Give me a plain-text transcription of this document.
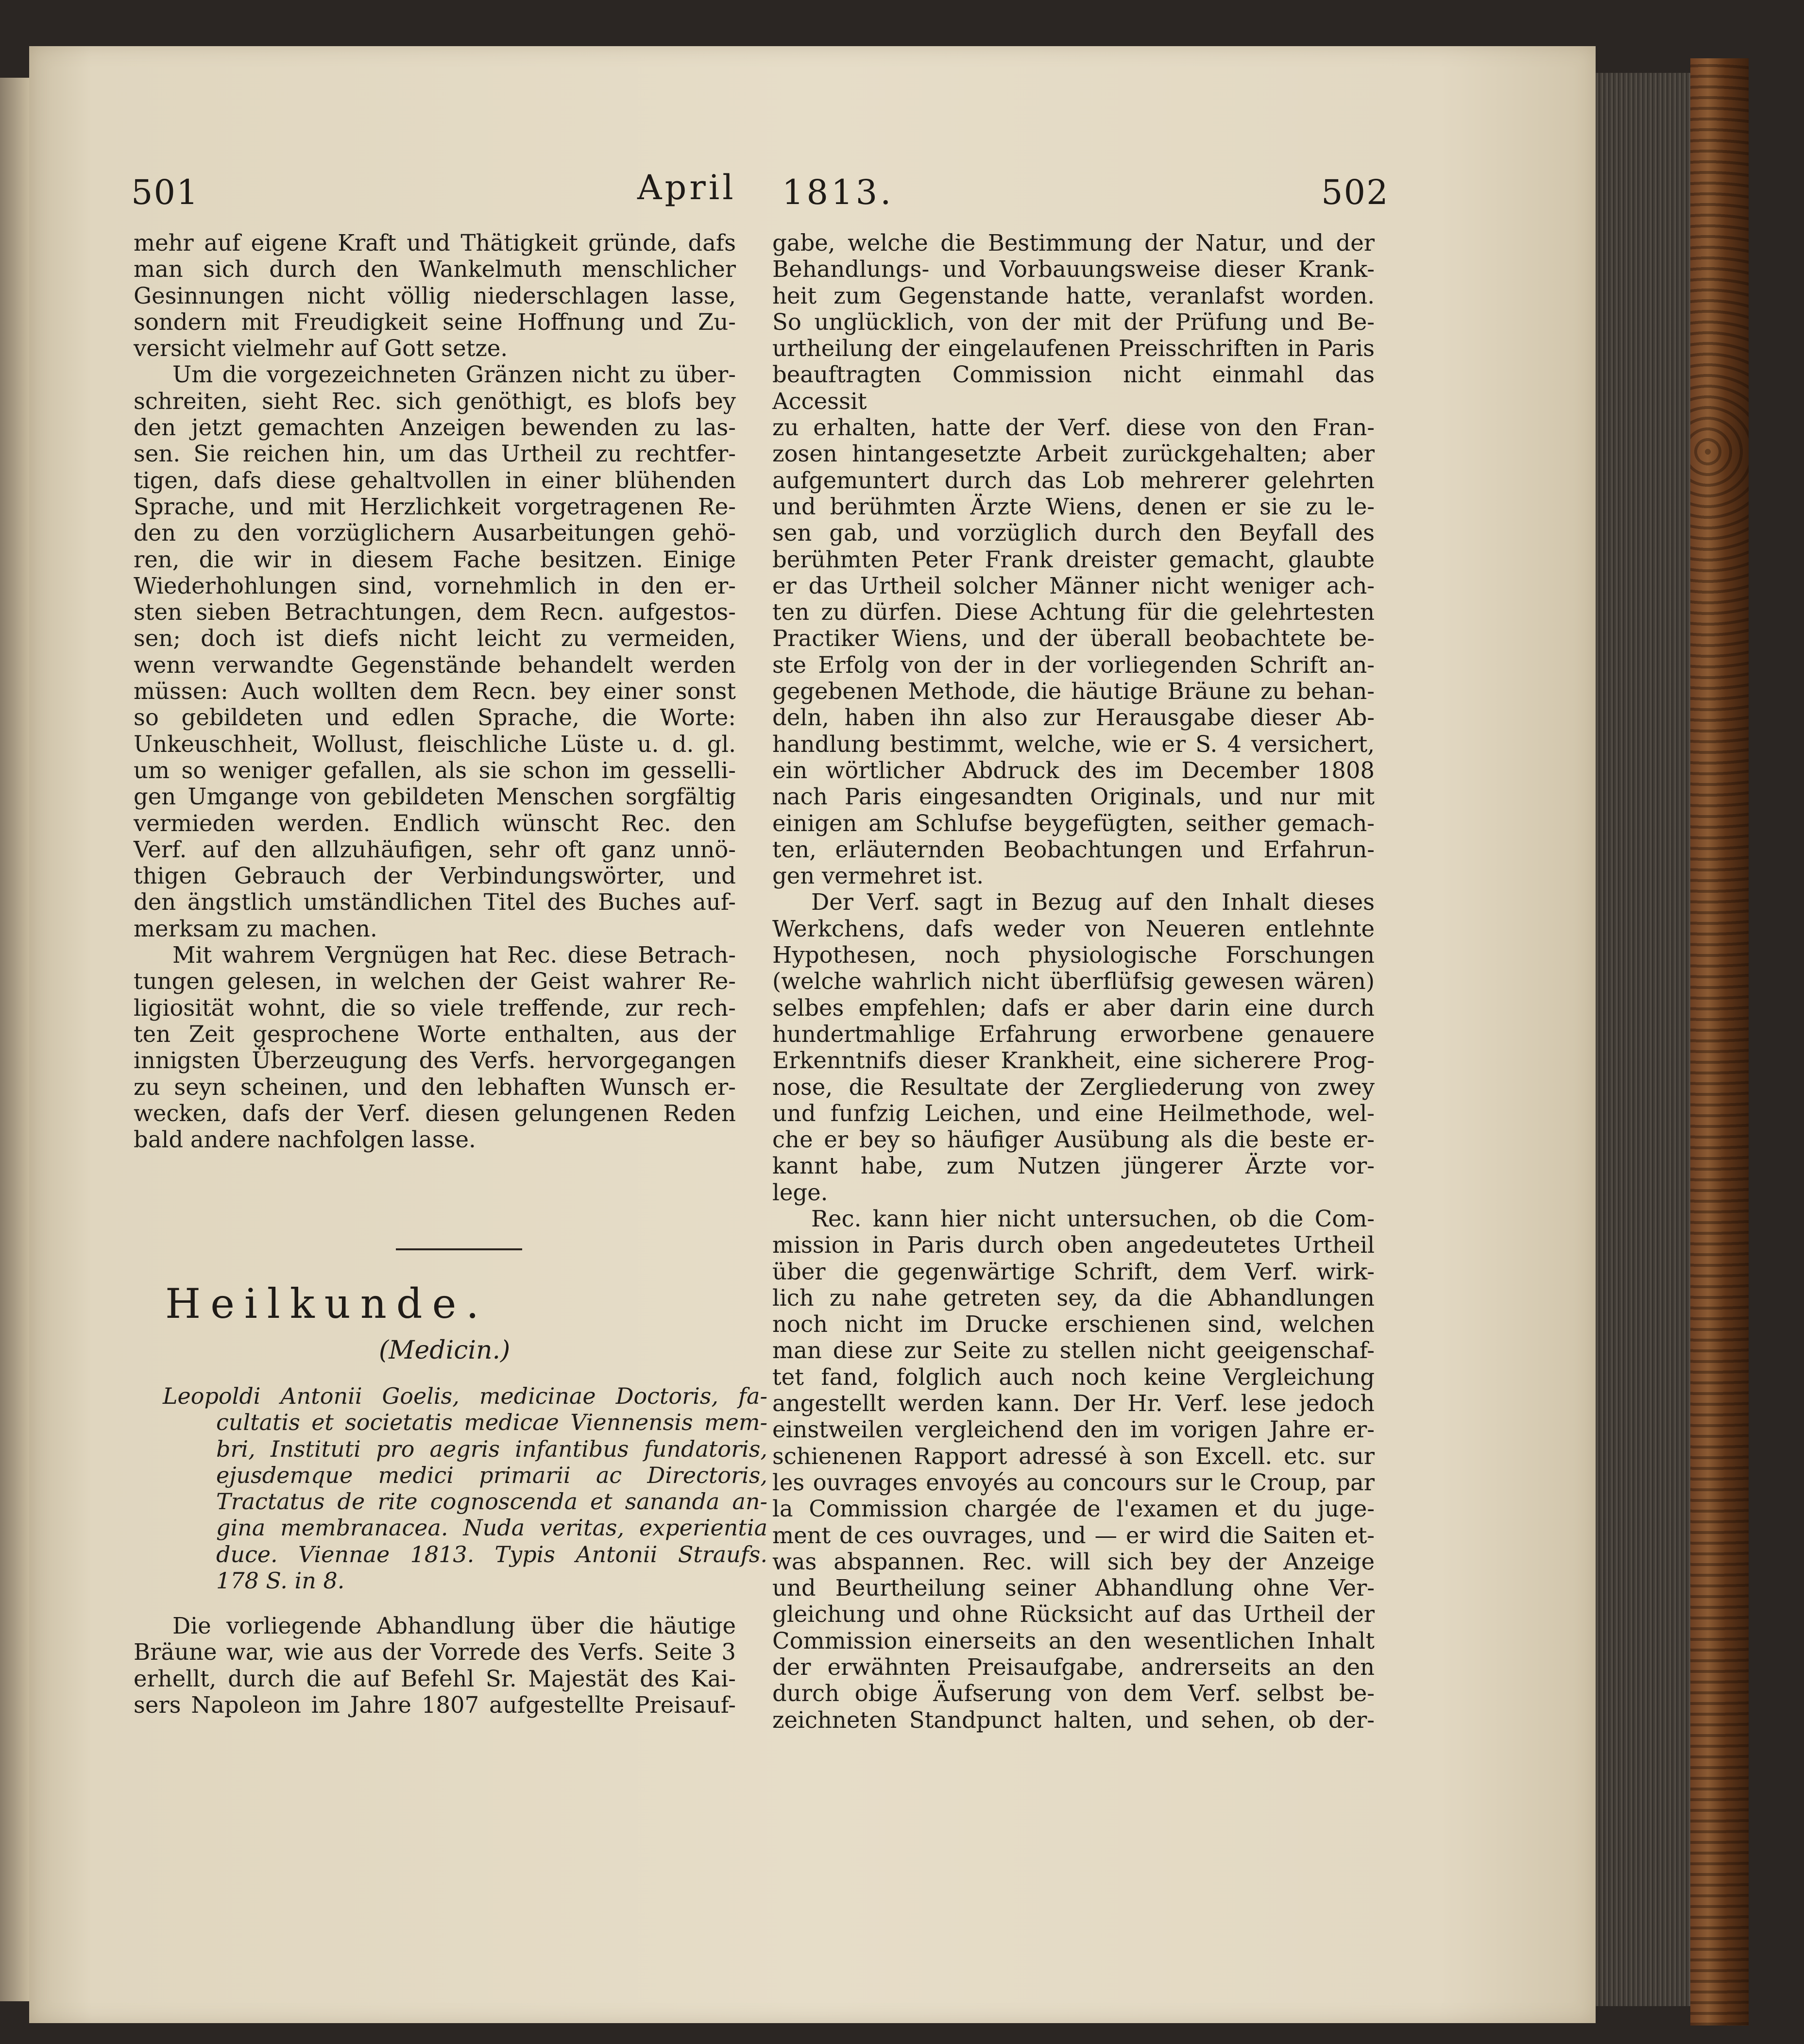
501	April 1813.	502

mehr auf eigene Kraft und Thätigkeit gründe, dafs

man sich durch den Wankelmuth menschlicher

Gesinnungen nicht völlig niederschlagen lasse,

sondern mit Freudigkeit seine Hoffnung und Zu-

versicht vielmehr auf Gott setze.

Um die vorgezeichneten Gränzen nicht zu über-

schreiten, sieht Rec. sich genöthigt, es blofs bey

den jetzt gemachten Anzeigen bewenden zu las-

sen. Sie reichen hin, um das Urtheil zu rechtfer-

tigen, dafs diese gehaltvollen in einer blühenden

Sprache, und mit Herzlichkeit vorgetragenen Re-

den zu den vorzüglichern Ausarbeitungen gehö-

ren, die wir in diesem Fache besitzen. Einige

Wiederhohlungen sind, vornehmlich in den er-

sten sieben Betrachtungen, dem Recn. aufgestos-

sen; doch ist diefs nicht leicht zu vermeiden,

wenn verwandte Gegenstände behandelt werden

müssen: Auch wollten dem Recn. bey einer sonst

so gebildeten und edlen Sprache, die Worte:

Unkeuschheit, Wollust, fleischliche Lüste u. d. gl.

um so weniger gefallen, als sie schon im gesselli-

gen Umgange von gebildeten Menschen sorgfältig

vermieden werden. Endlich wünscht Rec. den

Verf. auf den allzuhäufigen, sehr oft ganz unnö-

thigen Gebrauch der Verbindungswörter, und

den ängstlich umständlichen Titel des Buches auf-

merksam zu machen.

Mit wahrem Vergnügen hat Rec. diese Betrach-

tungen gelesen, in welchen der Geist wahrer Re-

ligiosität wohnt, die so viele treffende, zur rech-

ten Zeit gesprochene Worte enthalten, aus der

innigsten Überzeugung des Verfs. hervorgegangen

zu seyn scheinen, und den lebhaften Wunsch er-

wecken, dafs der Verf. diesen gelungenen Reden

bald andere nachfolgen lasse.

Heilkunde.
(Medicin.)

Leopoldi Antonii Goelis, medicinae Doctoris, fa-

cultatis et societatis medicae Viennensis mem-

bri, Instituti pro aegris infantibus fundatoris,

ejusdemque medici primarii ac Directoris,

Tractatus de rite cognoscenda et sananda an-

gina membranacea. Nuda veritas, experientia

duce. Viennae 1813. Typis Antonii Straufs.

178 S. in 8.

Die vorliegende Abhandlung über die häutige

Bräune war, wie aus der Vorrede des Verfs. Seite 3

erhellt, durch die auf Befehl Sr. Majestät des Kai-

sers Napoleon im Jahre 1807 aufgestellte Preisauf-

gabe, welche die Bestimmung der Natur, und der

Behandlungs- und Vorbauungsweise dieser Krank-

heit zum Gegenstande hatte, veranlafst worden.

So unglücklich, von der mit der Prüfung und Be-

urtheilung der eingelaufenen Preisschriften in Paris

beauftragten Commission nicht einmahl das Accessit

zu erhalten, hatte der Verf. diese von den Fran-

zosen hintangesetzte Arbeit zurückgehalten; aber

aufgemuntert durch das Lob mehrerer gelehrten

und berühmten Ärzte Wiens, denen er sie zu le-

sen gab, und vorzüglich durch den Beyfall des

berühmten Peter Frank dreister gemacht, glaubte

er das Urtheil solcher Männer nicht weniger ach-

ten zu dürfen. Diese Achtung für die gelehrtesten

Practiker Wiens, und der überall beobachtete be-

ste Erfolg von der in der vorliegenden Schrift an-

gegebenen Methode, die häutige Bräune zu behan-

deln, haben ihn also zur Herausgabe dieser Ab-

handlung bestimmt, welche, wie er S. 4 versichert,

ein wörtlicher Abdruck des im December 1808

nach Paris eingesandten Originals, und nur mit

einigen am Schlufse beygefügten, seither gemach-

ten, erläuternden Beobachtungen und Erfahrun-

gen vermehret ist.

Der Verf. sagt in Bezug auf den Inhalt dieses

Werkchens, dafs weder von Neueren entlehnte

Hypothesen, noch physiologische Forschungen

(welche wahrlich nicht überflüfsig gewesen wären)

selbes empfehlen; dafs er aber darin eine durch

hundertmahlige Erfahrung erworbene genauere

Erkenntnifs dieser Krankheit, eine sicherere Prog-

nose, die Resultate der Zergliederung von zwey

und funfzig Leichen, und eine Heilmethode, wel-

che er bey so häufiger Ausübung als die beste er-

kannt habe, zum Nutzen jüngerer Ärzte vor-

lege.

Rec. kann hier nicht untersuchen, ob die Com-

mission in Paris durch oben angedeutetes Urtheil

über die gegenwärtige Schrift, dem Verf. wirk-

lich zu nahe getreten sey, da die Abhandlungen

noch nicht im Drucke erschienen sind, welchen

man diese zur Seite zu stellen nicht geeigenschaf-

tet fand, folglich auch noch keine Vergleichung

angestellt werden kann. Der Hr. Verf. lese jedoch

einstweilen vergleichend den im vorigen Jahre er-

schienenen Rapport adressé à son Excell. etc. sur

les ouvrages envoyés au concours sur le Croup, par

la Commission chargée de l'examen et du juge-

ment de ces ouvrages, und — er wird die Saiten et-

was abspannen. Rec. will sich bey der Anzeige

und Beurtheilung seiner Abhandlung ohne Ver-

gleichung und ohne Rücksicht auf das Urtheil der

Commission einerseits an den wesentlichen Inhalt

der erwähnten Preisaufgabe, andrerseits an den

durch obige Äufserung von dem Verf. selbst be-

zeichneten Standpunct halten, und sehen, ob der-
